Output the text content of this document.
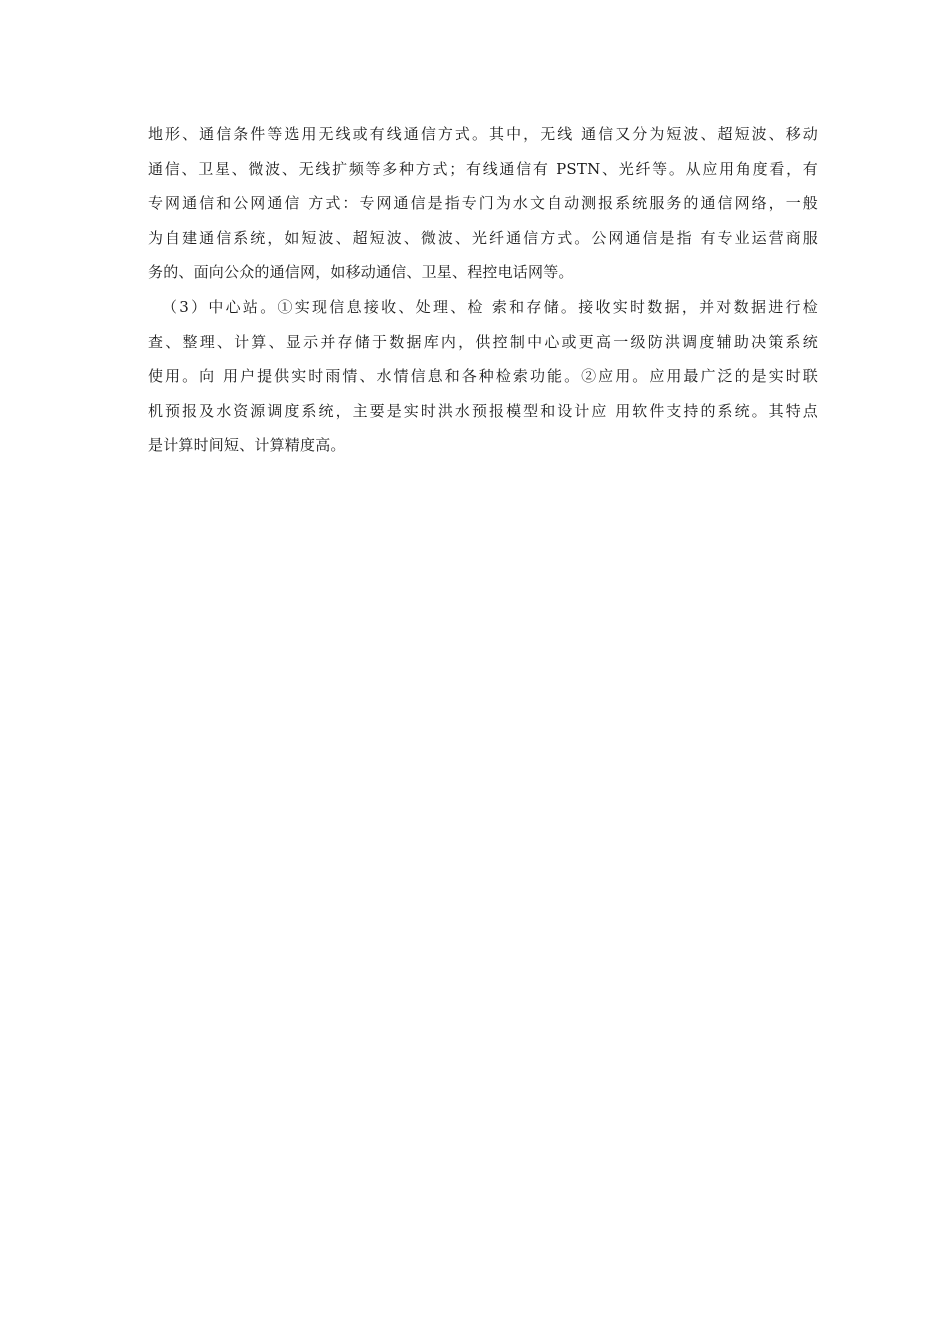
地形、通信条件等选用无线或有线通信方式。其中，无线 通信又分为短波、超短波、移动
通信、卫星、微波、无线扩频等多种方式；有线通信有 PSTN、光纤等。从应用角度看，有
专网通信和公网通信 方式：专网通信是指专门为水文自动测报系统服务的通信网络，一般
为自建通信系统，如短波、超短波、微波、光纤通信方式。公网通信是指 有专业运营商服
务的、面向公众的通信网，如移动通信、卫星、程控电话网等。
（3）中心站。①实现信息接收、处理、检 索和存储。接收实时数据，并对数据进行检
查、整理、计算、显示并存储于数据库内，供控制中心或更高一级防洪调度辅助决策系统
使用。向 用户提供实时雨情、水情信息和各种检索功能。②应用。应用最广泛的是实时联
机预报及水资源调度系统，主要是实时洪水预报模型和设计应 用软件支持的系统。其特点
是计算时间短、计算精度高。
